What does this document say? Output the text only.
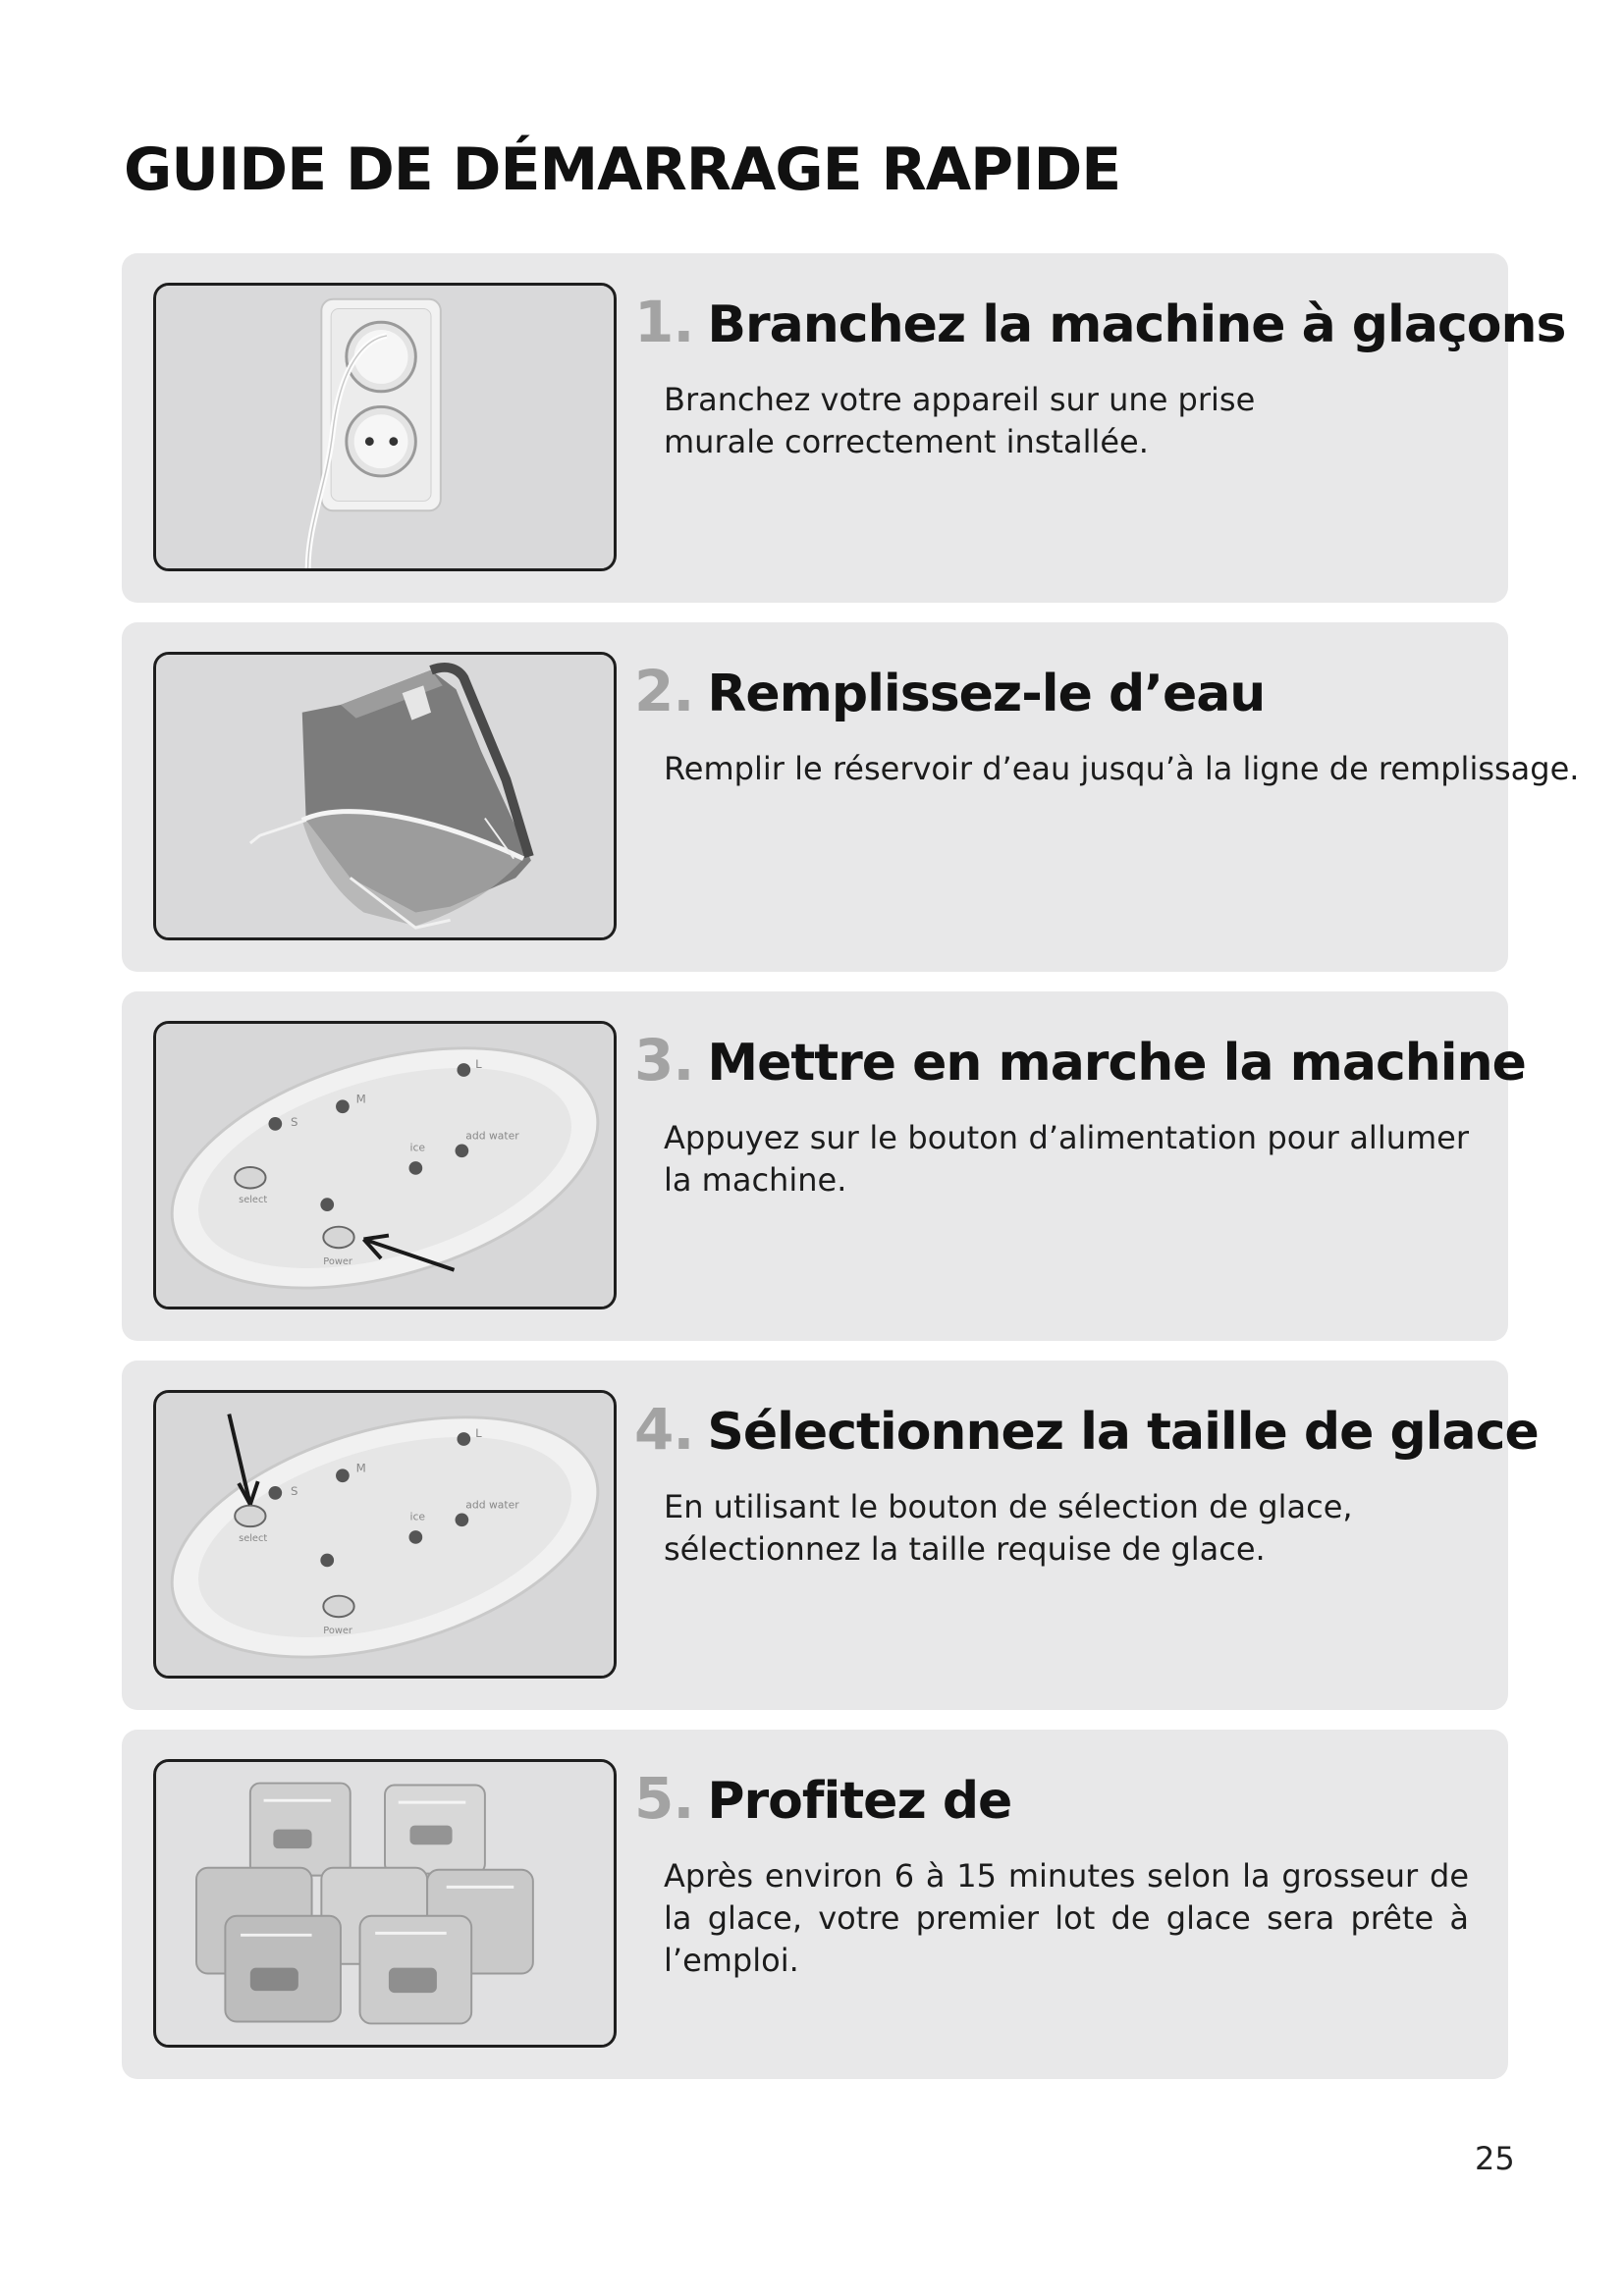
GUIDE DE DÉMARRAGE RAPIDE
1. Branchez la machine à glaçons

Branchez votre appareil sur une prise murale correctement installée.

2. Remplissez-le d’eau

Remplir le réservoir d’eau jusqu’à la ligne de remplissage.

M
L
S
ice
add water
select
Power
3. Mettre en marche la machine

Appuyez sur le bouton d’alimentation pour allumer la machine.

M
L
S
ice
add water
select
Power
4. Sélectionnez la taille de glace

En utilisant le bouton de sélection de glace, sélectionnez la taille requise de glace.

5. Profitez de

Après environ 6 à 15 minutes selon la grosseur de la glace, votre premier lot de glace sera prête à l’emploi.

25
